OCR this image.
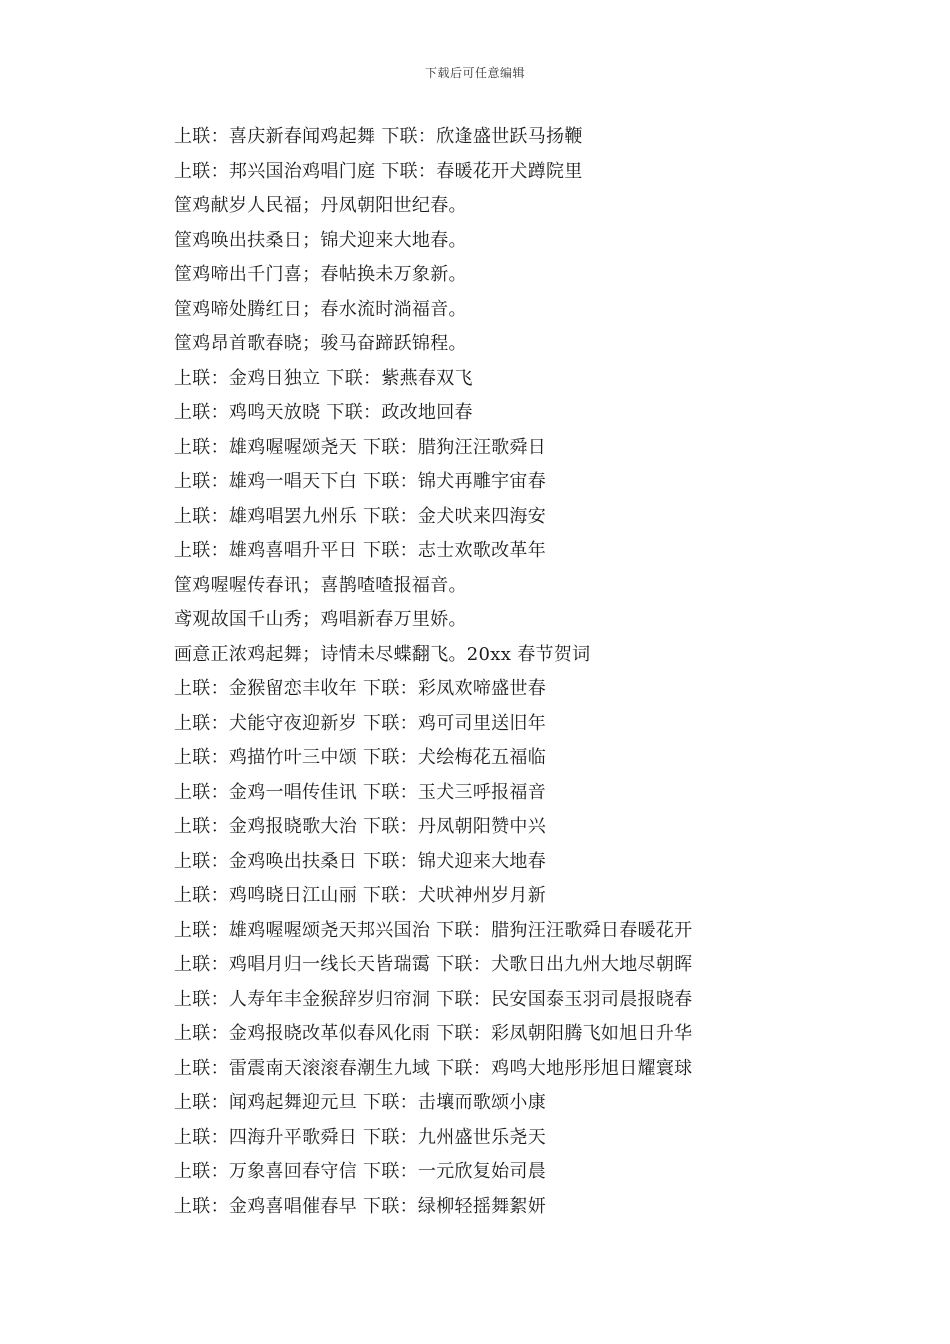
下载后可任意编辑
上联：喜庆新春闻鸡起舞 下联：欣逢盛世跃马扬鞭
上联：邦兴国治鸡唱门庭 下联：春暖花开犬蹲院里
筐鸡献岁人民福；丹凤朝阳世纪春。
筐鸡唤出扶桑日；锦犬迎来大地春。
筐鸡啼出千门喜；春帖换未万象新。
筐鸡啼处腾红日；春水流时淌福音。
筐鸡昂首歌春晓；骏马奋蹄跃锦程。
上联：金鸡日独立 下联：紫燕春双飞
上联：鸡鸣天放晓 下联：政改地回春
上联：雄鸡喔喔颂尧天 下联：腊狗汪汪歌舜日
上联：雄鸡一唱天下白 下联：锦犬再雕宇宙春
上联：雄鸡唱罢九州乐 下联：金犬吠来四海安
上联：雄鸡喜唱升平日 下联：志士欢歌改革年
筐鸡喔喔传春讯；喜鹊喳喳报福音。
鸢观故国千山秀；鸡唱新春万里娇。
画意正浓鸡起舞；诗情未尽蝶翻飞。20xx 春节贺词
上联：金猴留恋丰收年 下联：彩凤欢啼盛世春
上联：犬能守夜迎新岁 下联：鸡可司里送旧年
上联：鸡描竹叶三中颂 下联：犬绘梅花五福临
上联：金鸡一唱传佳讯 下联：玉犬三呼报福音
上联：金鸡报晓歌大治 下联：丹凤朝阳赞中兴
上联：金鸡唤出扶桑日 下联：锦犬迎来大地春
上联：鸡鸣晓日江山丽 下联：犬吠神州岁月新
上联：雄鸡喔喔颂尧天邦兴国治 下联：腊狗汪汪歌舜日春暖花开
上联：鸡唱月归一线长天皆瑞霭 下联：犬歌日出九州大地尽朝晖
上联：人寿年丰金猴辞岁归帘洞 下联：民安国泰玉羽司晨报晓春
上联：金鸡报晓改革似春风化雨 下联：彩凤朝阳腾飞如旭日升华
上联：雷震南天滚滚春潮生九域 下联：鸡鸣大地彤彤旭日耀寰球
上联：闻鸡起舞迎元旦 下联：击壤而歌颂小康
上联：四海升平歌舜日 下联：九州盛世乐尧天
上联：万象喜回春守信 下联：一元欣复始司晨
上联：金鸡喜唱催春早 下联：绿柳轻摇舞絮妍
